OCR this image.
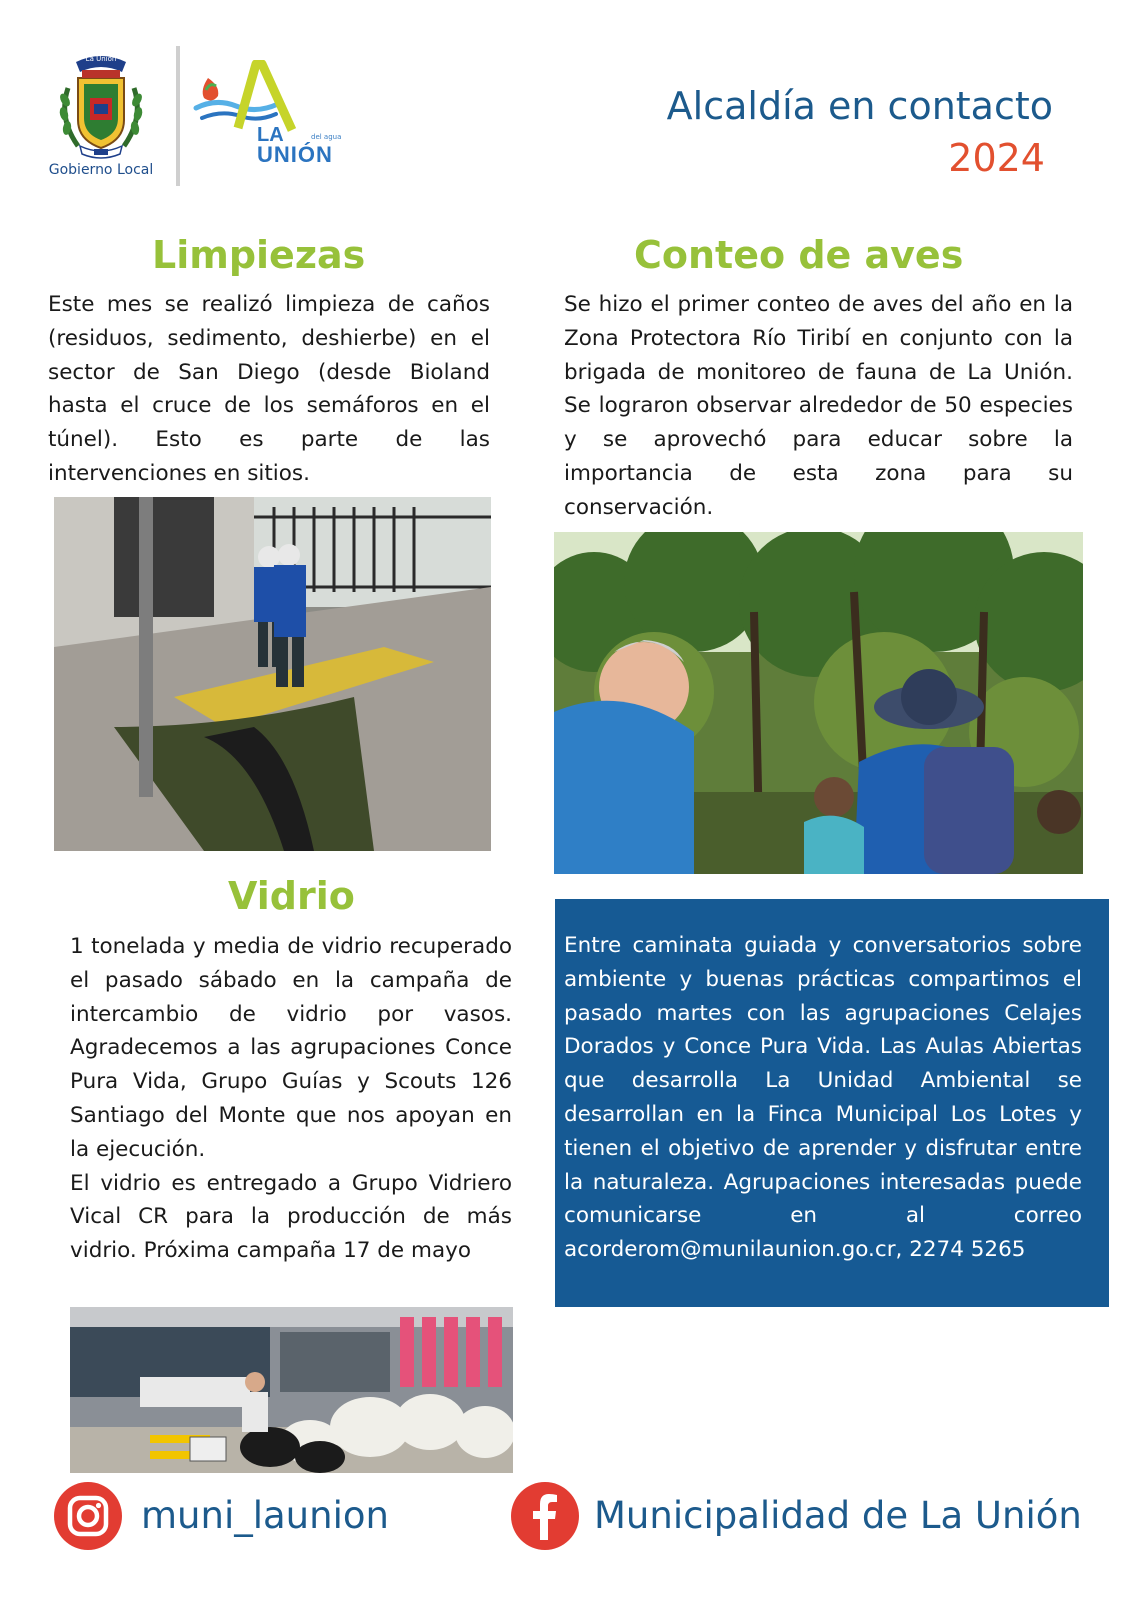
La Unión
Gobierno Local
del agua
LA
UNIÓN
Alcaldía en contacto
2024
Limpiezas

Este mes se realizó limpieza de caños (residuos, sedimento, deshierbe) en el sector de San Diego (desde Bioland hasta el cruce de los semáforos en el túnel). Esto es parte de las intervenciones en sitios.

Conteo de aves

Se hizo el primer conteo de aves del año en la Zona Protectora Río Tiribí en conjunto con la brigada de monitoreo de fauna de La Unión. Se lograron observar alrededor de 50 especies y se aprovechó para educar sobre la importancia de esta zona para su conservación.

Vidrio

1 tonelada y media de vidrio recuperado el pasado sábado en la campaña de intercambio de vidrio por vasos. Agradecemos a las agrupaciones Conce Pura Vida, Grupo Guías y Scouts 126 Santiago del Monte que nos apoyan en la ejecución.

El vidrio es entregado a Grupo Vidriero Vical CR para la producción de más vidrio. Próxima campaña 17 de mayo

Entre caminata guiada y conversatorios sobre ambiente y buenas prácticas compartimos el pasado martes con las agrupaciones Celajes Dorados y Conce Pura Vida. Las Aulas Abiertas que desarrolla La Unidad Ambiental se desarrollan en la Finca Municipal Los Lotes y tienen el objetivo de aprender y disfrutar entre la naturaleza. Agrupaciones interesadas puede comunicarse en al correo acorderom@munilaunion.go.cr, 2274 5265

muni_launion	Municipalidad de La Unión
